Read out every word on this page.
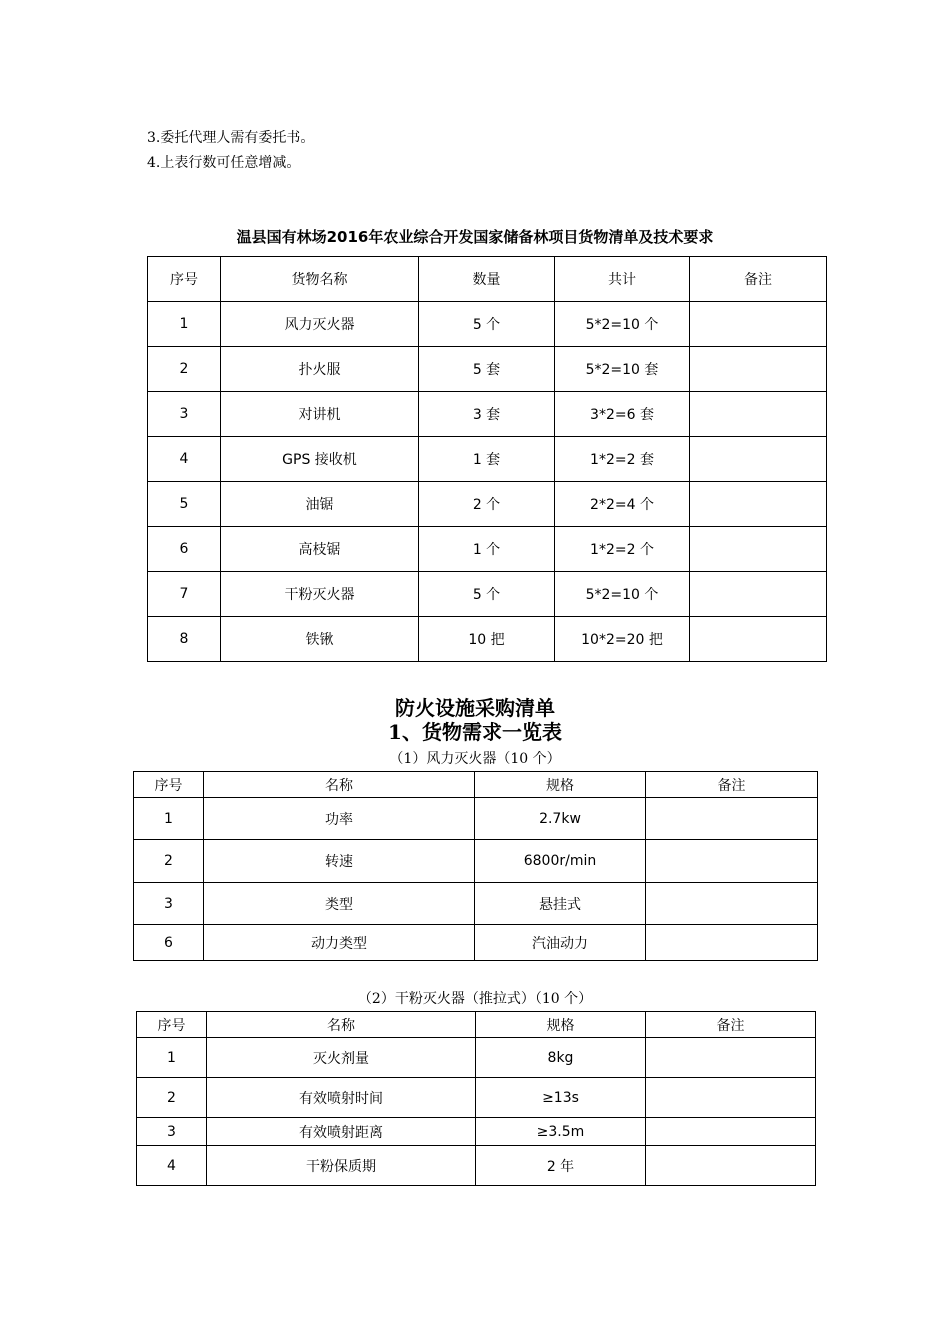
3.委托代理人需有委托书。
4.上表行数可任意增减。
温县国有林场2016年农业综合开发国家储备林项目货物清单及技术要求
序号	货物名称	数量	共计	备注
1	风力灭火器	5 个	5*2=10 个	
2	扑火服	5 套	5*2=10 套	
3	对讲机	3 套	3*2=6 套	
4	GPS 接收机	1 套	1*2=2 套	
5	油锯	2 个	2*2=4 个	
6	高枝锯	1 个	1*2=2 个	
7	干粉灭火器	5 个	5*2=10 个	
8	铁锹	10 把	10*2=20 把	
防火设施采购清单
1、货物需求一览表
（1）风力灭火器（10 个）
序号	名称	规格	备注
1	功率	2.7kw	
2	转速	6800r/min	
3	类型	悬挂式	
6	动力类型	汽油动力	
（2）干粉灭火器（推拉式）（10 个）
序号	名称	规格	备注
1	灭火剂量	8kg	
2	有效喷射时间	≥13s	
3	有效喷射距离	≥3.5m	
4	干粉保质期	2 年	
